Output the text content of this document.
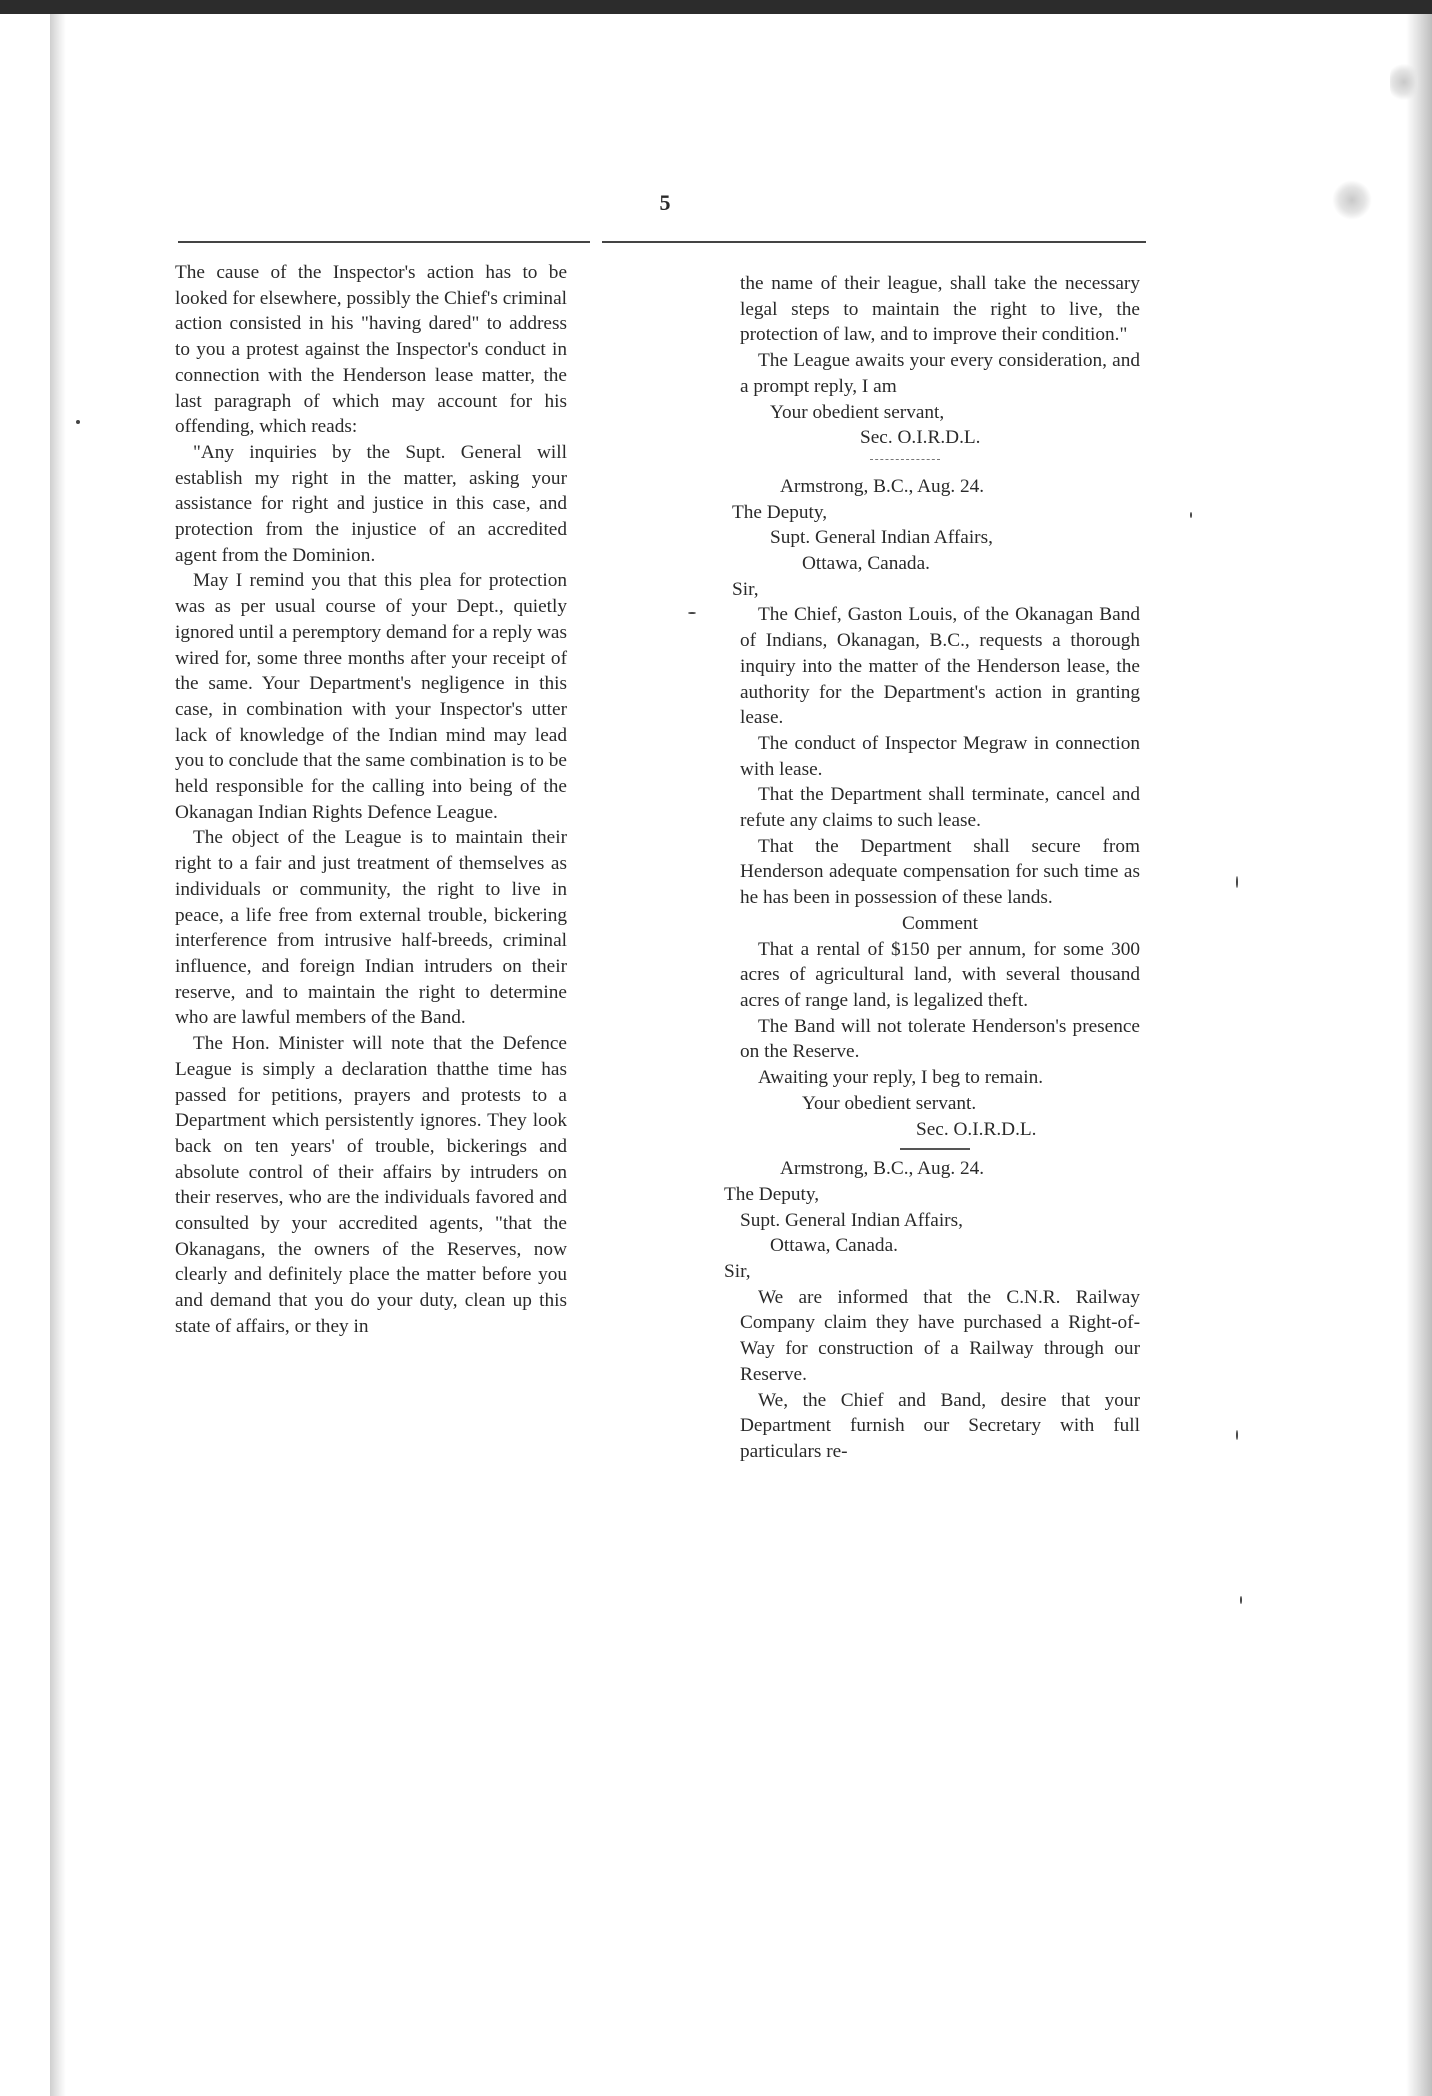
5

The cause of the Inspector's action has to be looked for elsewhere, possibly the Chief's criminal action consisted in his "having dared" to address to you a protest against the Inspector's conduct in connection with the Henderson lease matter, the last paragraph of which may account for his offending, which reads:

"Any inquiries by the Supt. General will establish my right in the matter, asking your assistance for right and justice in this case, and protection from the injustice of an accredited agent from the Dominion.

May I remind you that this plea for protection was as per usual course of your Dept., quietly ignored until a peremptory demand for a reply was wired for, some three months after your receipt of the same. Your Department's negligence in this case, in combination with your Inspector's utter lack of knowledge of the Indian mind may lead you to conclude that the same combination is to be held responsible for the calling into being of the Okanagan Indian Rights Defence League.

The object of the League is to maintain their right to a fair and just treatment of themselves as individuals or community, the right to live in peace, a life free from external trouble, bickering interference from intrusive half-breeds, criminal influence, and foreign Indian intruders on their reserve, and to maintain the right to determine who are lawful members of the Band.

The Hon. Minister will note that the Defence League is simply a declaration thatthe time has passed for petitions, prayers and protests to a Department which persistently ignores. They look back on ten years' of trouble, bickerings and absolute control of their affairs by intruders on their reserves, who are the individuals favored and consulted by your accredited agents, "that the Okanagans, the owners of the Reserves, now clearly and definitely place the matter before you and demand that you do your duty, clean up this state of affairs, or they in

the name of their league, shall take the necessary legal steps to maintain the right to live, the protection of law, and to improve their condition."

The League awaits your every consideration, and a prompt reply, I am

Your obedient servant,

Sec. O.I.R.D.L.

Armstrong, B.C., Aug. 24.

The Deputy,

Supt. General Indian Affairs,

Ottawa, Canada.

Sir,

The Chief, Gaston Louis, of the Okanagan Band of Indians, Okanagan, B.C., requests a thorough inquiry into the matter of the Henderson lease, the authority for the Department's action in granting lease.

The conduct of Inspector Megraw in connection with lease.

That the Department shall terminate, cancel and refute any claims to such lease.

That the Department shall secure from Henderson adequate compensation for such time as he has been in possession of these lands.

Comment

That a rental of $150 per annum, for some 300 acres of agricultural land, with several thousand acres of range land, is legalized theft.

The Band will not tolerate Henderson's presence on the Reserve.

Awaiting your reply, I beg to remain.

Your obedient servant.

Sec. O.I.R.D.L.

Armstrong, B.C., Aug. 24.

The Deputy,

Supt. General Indian Affairs,

Ottawa, Canada.

Sir,

We are informed that the C.N.R. Railway Company claim they have purchased a Right-of-Way for construction of a Railway through our Reserve.

We, the Chief and Band, desire that your Department furnish our Secretary with full particulars re-
